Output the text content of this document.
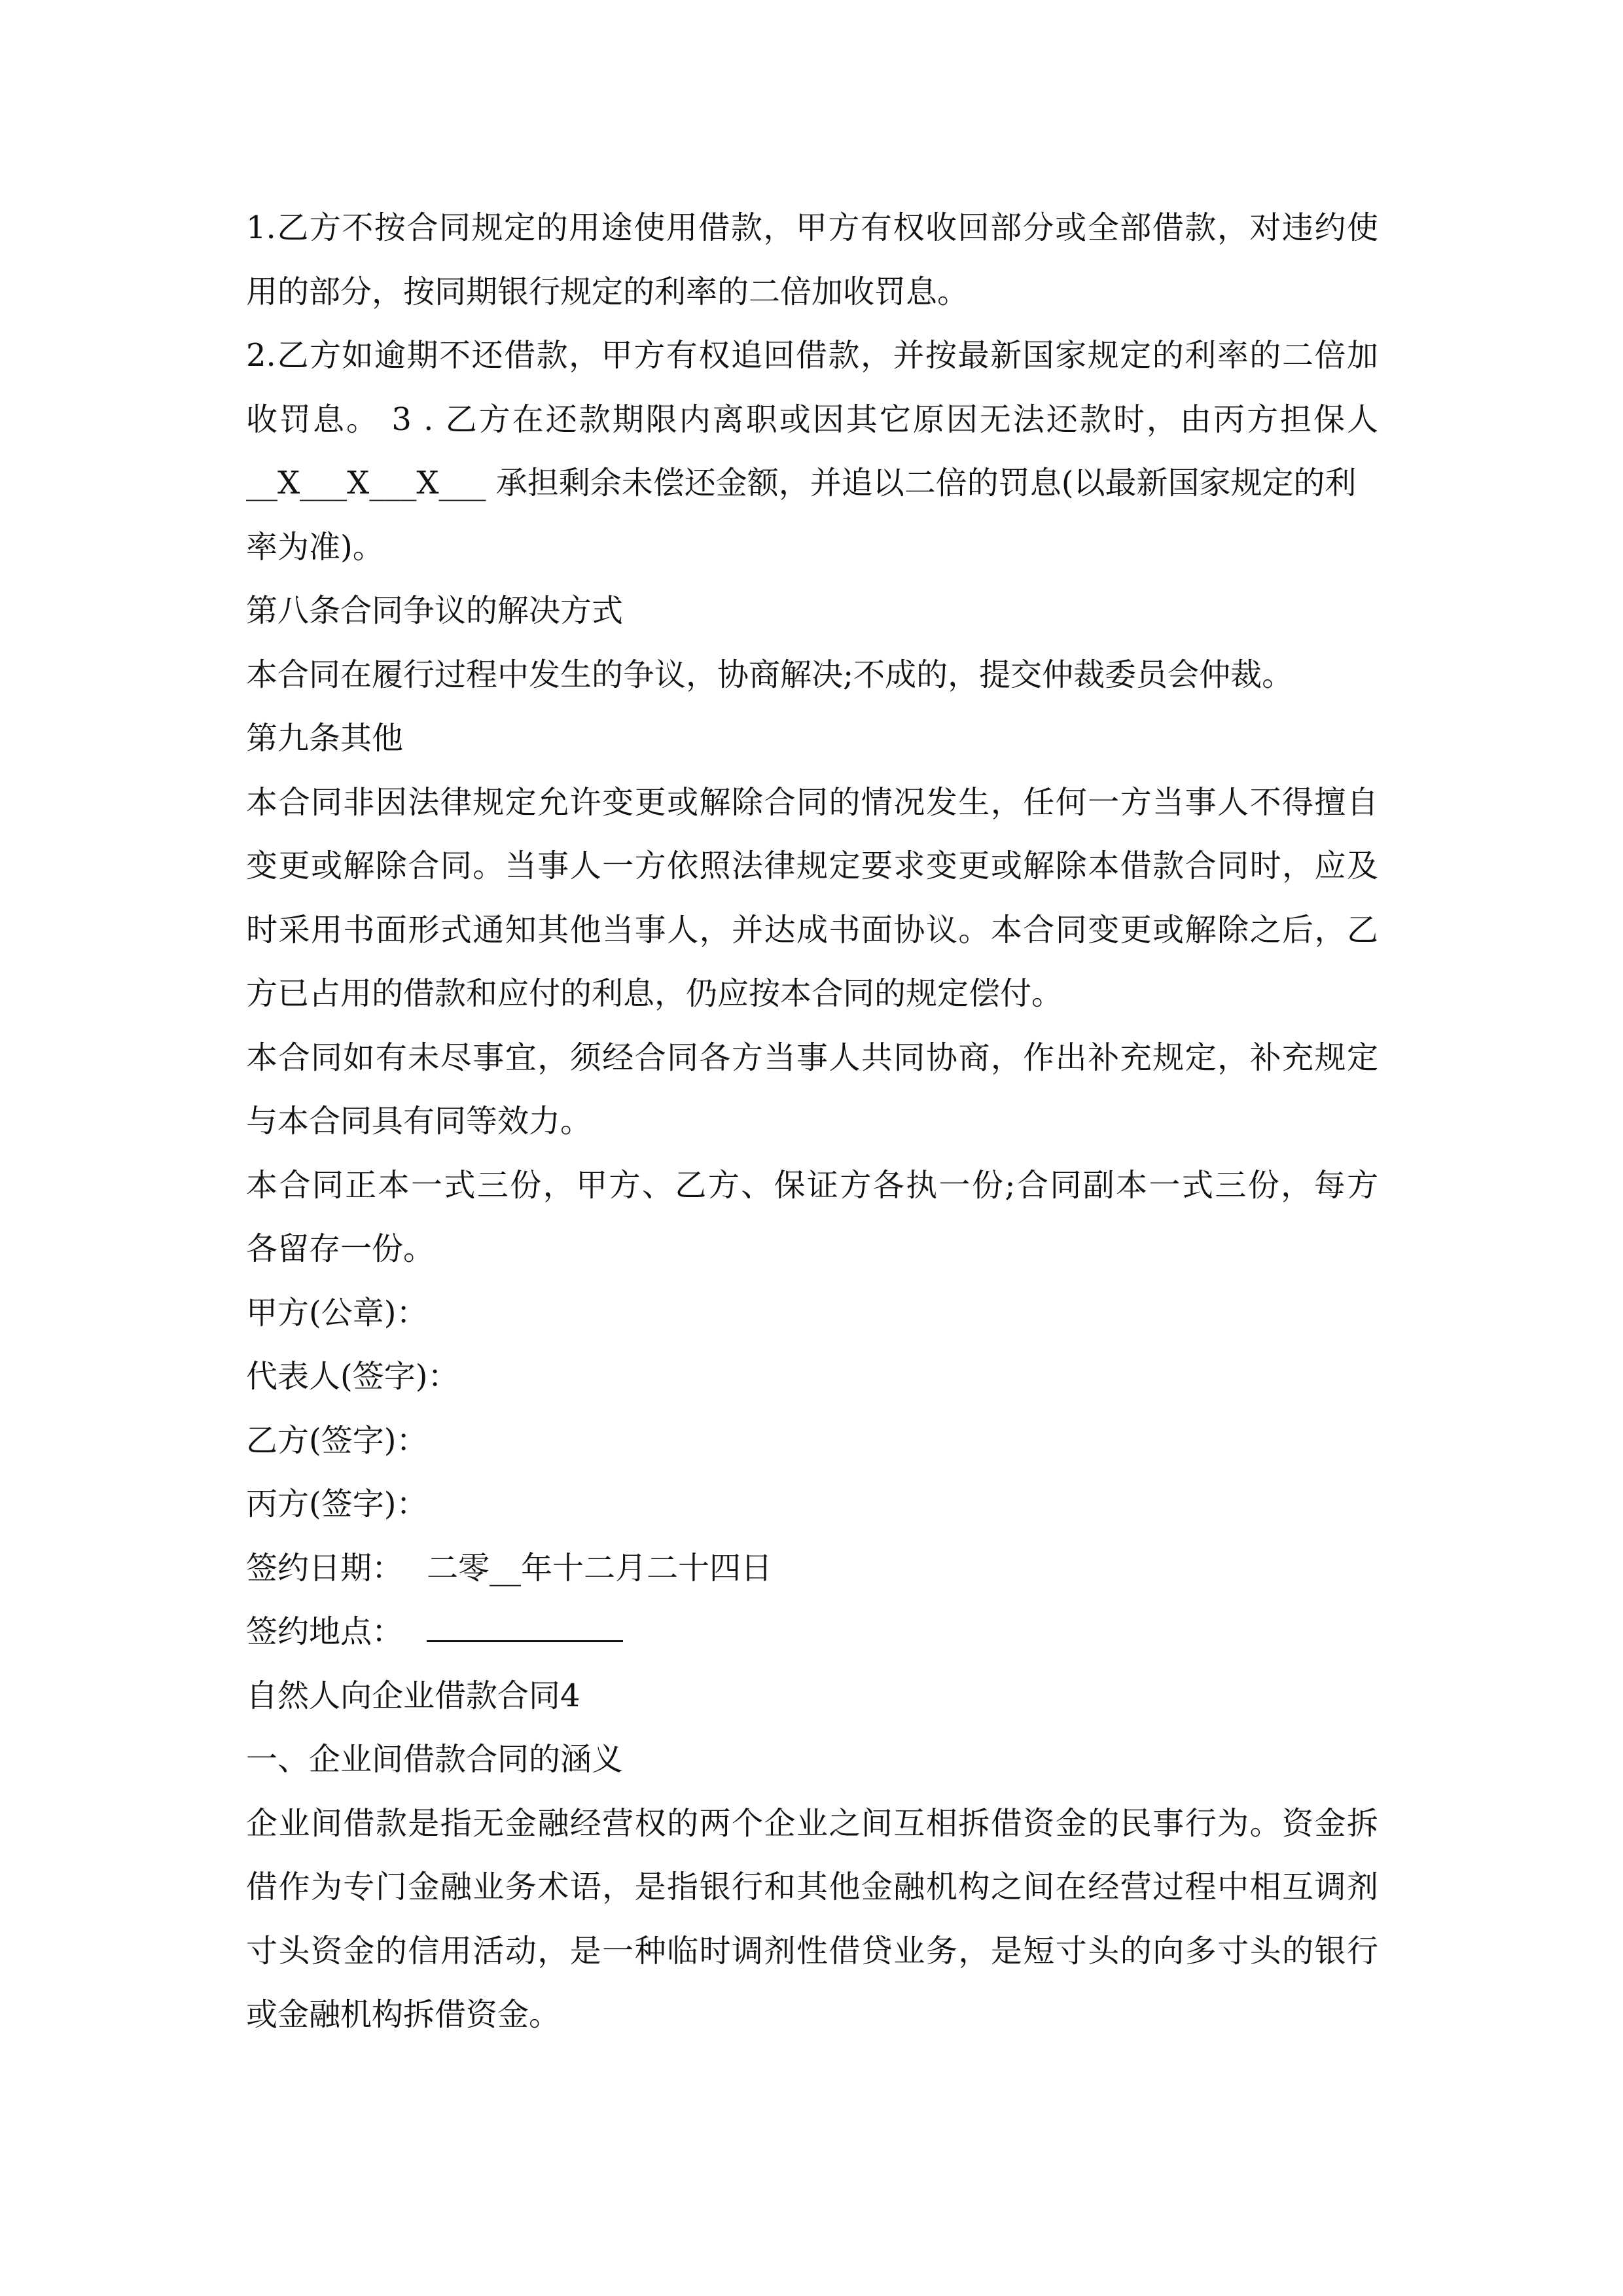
1.乙方不按合同规定的用途使用借款，甲方有权收回部分或全部借款，对违约使
用的部分，按同期银行规定的利率的二倍加收罚息。
2.乙方如逾期不还借款，甲方有权追回借款，并按最新国家规定的利率的二倍加
收罚息。 3 . 乙方在还款期限内离职或因其它原因无法还款时，由丙方担保人
__X___X___X___ 承担剩余未偿还金额，并追以二倍的罚息(以最新国家规定的利
率为准)。
第八条合同争议的解决方式
本合同在履行过程中发生的争议，协商解决;不成的，提交仲裁委员会仲裁。
第九条其他
本合同非因法律规定允许变更或解除合同的情况发生，任何一方当事人不得擅自
变更或解除合同。当事人一方依照法律规定要求变更或解除本借款合同时，应及
时采用书面形式通知其他当事人，并达成书面协议。本合同变更或解除之后，乙
方已占用的借款和应付的利息，仍应按本合同的规定偿付。
本合同如有未尽事宜，须经合同各方当事人共同协商，作出补充规定，补充规定
与本合同具有同等效力。
本合同正本一式三份，甲方、乙方、保证方各执一份;合同副本一式三份，每方
各留存一份。
甲方(公章)：
代表人(签字)：
乙方(签字)：
丙方(签字)：
签约日期： 二零__年十二月二十四日
签约地点：
自然人向企业借款合同4
一、企业间借款合同的涵义
企业间借款是指无金融经营权的两个企业之间互相拆借资金的民事行为。资金拆
借作为专门金融业务术语，是指银行和其他金融机构之间在经营过程中相互调剂
寸头资金的信用活动，是一种临时调剂性借贷业务，是短寸头的向多寸头的银行
或金融机构拆借资金。
